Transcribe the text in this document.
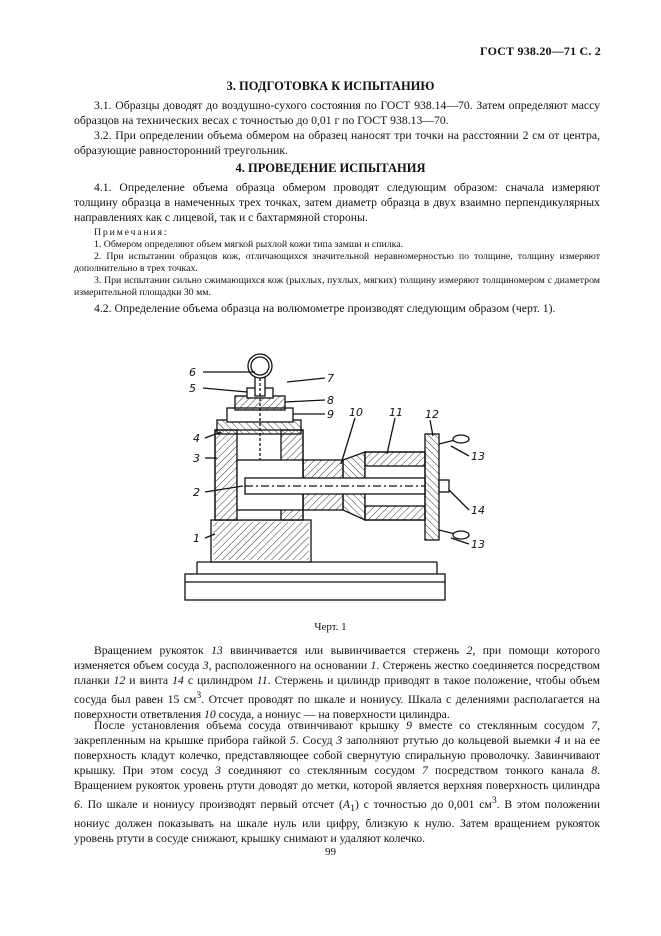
ГОСТ 938.20—71 С. 2
3. ПОДГОТОВКА К ИСПЫТАНИЮ

3.1. Образцы доводят до воздушно-сухого состояния по ГОСТ 938.14—70. Затем определяют массу образцов на технических весах с точностью до 0,01 г по ГОСТ 938.13—70.

3.2. При определении объема обмером на образец наносят три точки на расстоянии 2 см от центра, образующие равносторонний треугольник.

4. ПРОВЕДЕНИЕ ИСПЫТАНИЯ

4.1. Определение объема образца обмером проводят следующим образом: сначала измеряют толщину образца в намеченных трех точках, затем диаметр образца в двух взаимно перпендикулярных направлениях как с лицевой, так и с бахтармяной стороны.

Примечания:

1. Обмером определяют объем мягкой рыхлой кожи типа замши и спилка.

2. При испытании образцов кож, отличающихся значительной неравномерностью по толщине, толщину измеряют дополнительно в трех точках.

3. При испытании сильно сжимающихся кож (рыхлых, пухлых, мягких) толщину измеряют толщиномером с диаметром измерительной площадки 30 мм.

4.2. Определение объема образца на волюмометре производят следующим образом (черт. 1).

6
5
4
3
2
1
7
8
9 10 11 12
13
14
13
Черт. 1

Вращением рукояток 13 ввинчивается или вывинчивается стержень 2, при помощи которого изменяется объем сосуда 3, расположенного на основании 1. Стержень жестко соединяется посредством планки 12 и винта 14 с цилиндром 11. Стержень и цилиндр приводят в такое положение, чтобы объем сосуда был равен 15 $см^3$. Отсчет проводят по шкале и нониусу. Шкала с делениями располагается на поверхности ответвления 10 сосуда, а нониус — на поверхности цилиндра.

После установления объема сосуда отвинчивают крышку 9 вместе со стеклянным сосудом 7, закрепленным на крышке прибора гайкой 5. Сосуд 3 заполняют ртутью до кольцевой выемки 4 и на ее поверхность кладут колечко, представляющее собой свернутую спиральную проволочку. Завинчивают крышку. При этом сосуд 3 соединяют со стеклянным сосудом 7 посредством тонкого канала 8. Вращением рукояток уровень ртути доводят до метки, которой является верхняя поверхность цилиндра 6. По шкале и нониусу производят первый отсчет $(A_1)$ с точностью до 0,001 $см^3$. В этом положении нониус должен показывать на шкале нуль или цифру, близкую к нулю. Затем вращением рукояток уровень ртути в сосуде снижают, крышку снимают и удаляют колечко.

99
